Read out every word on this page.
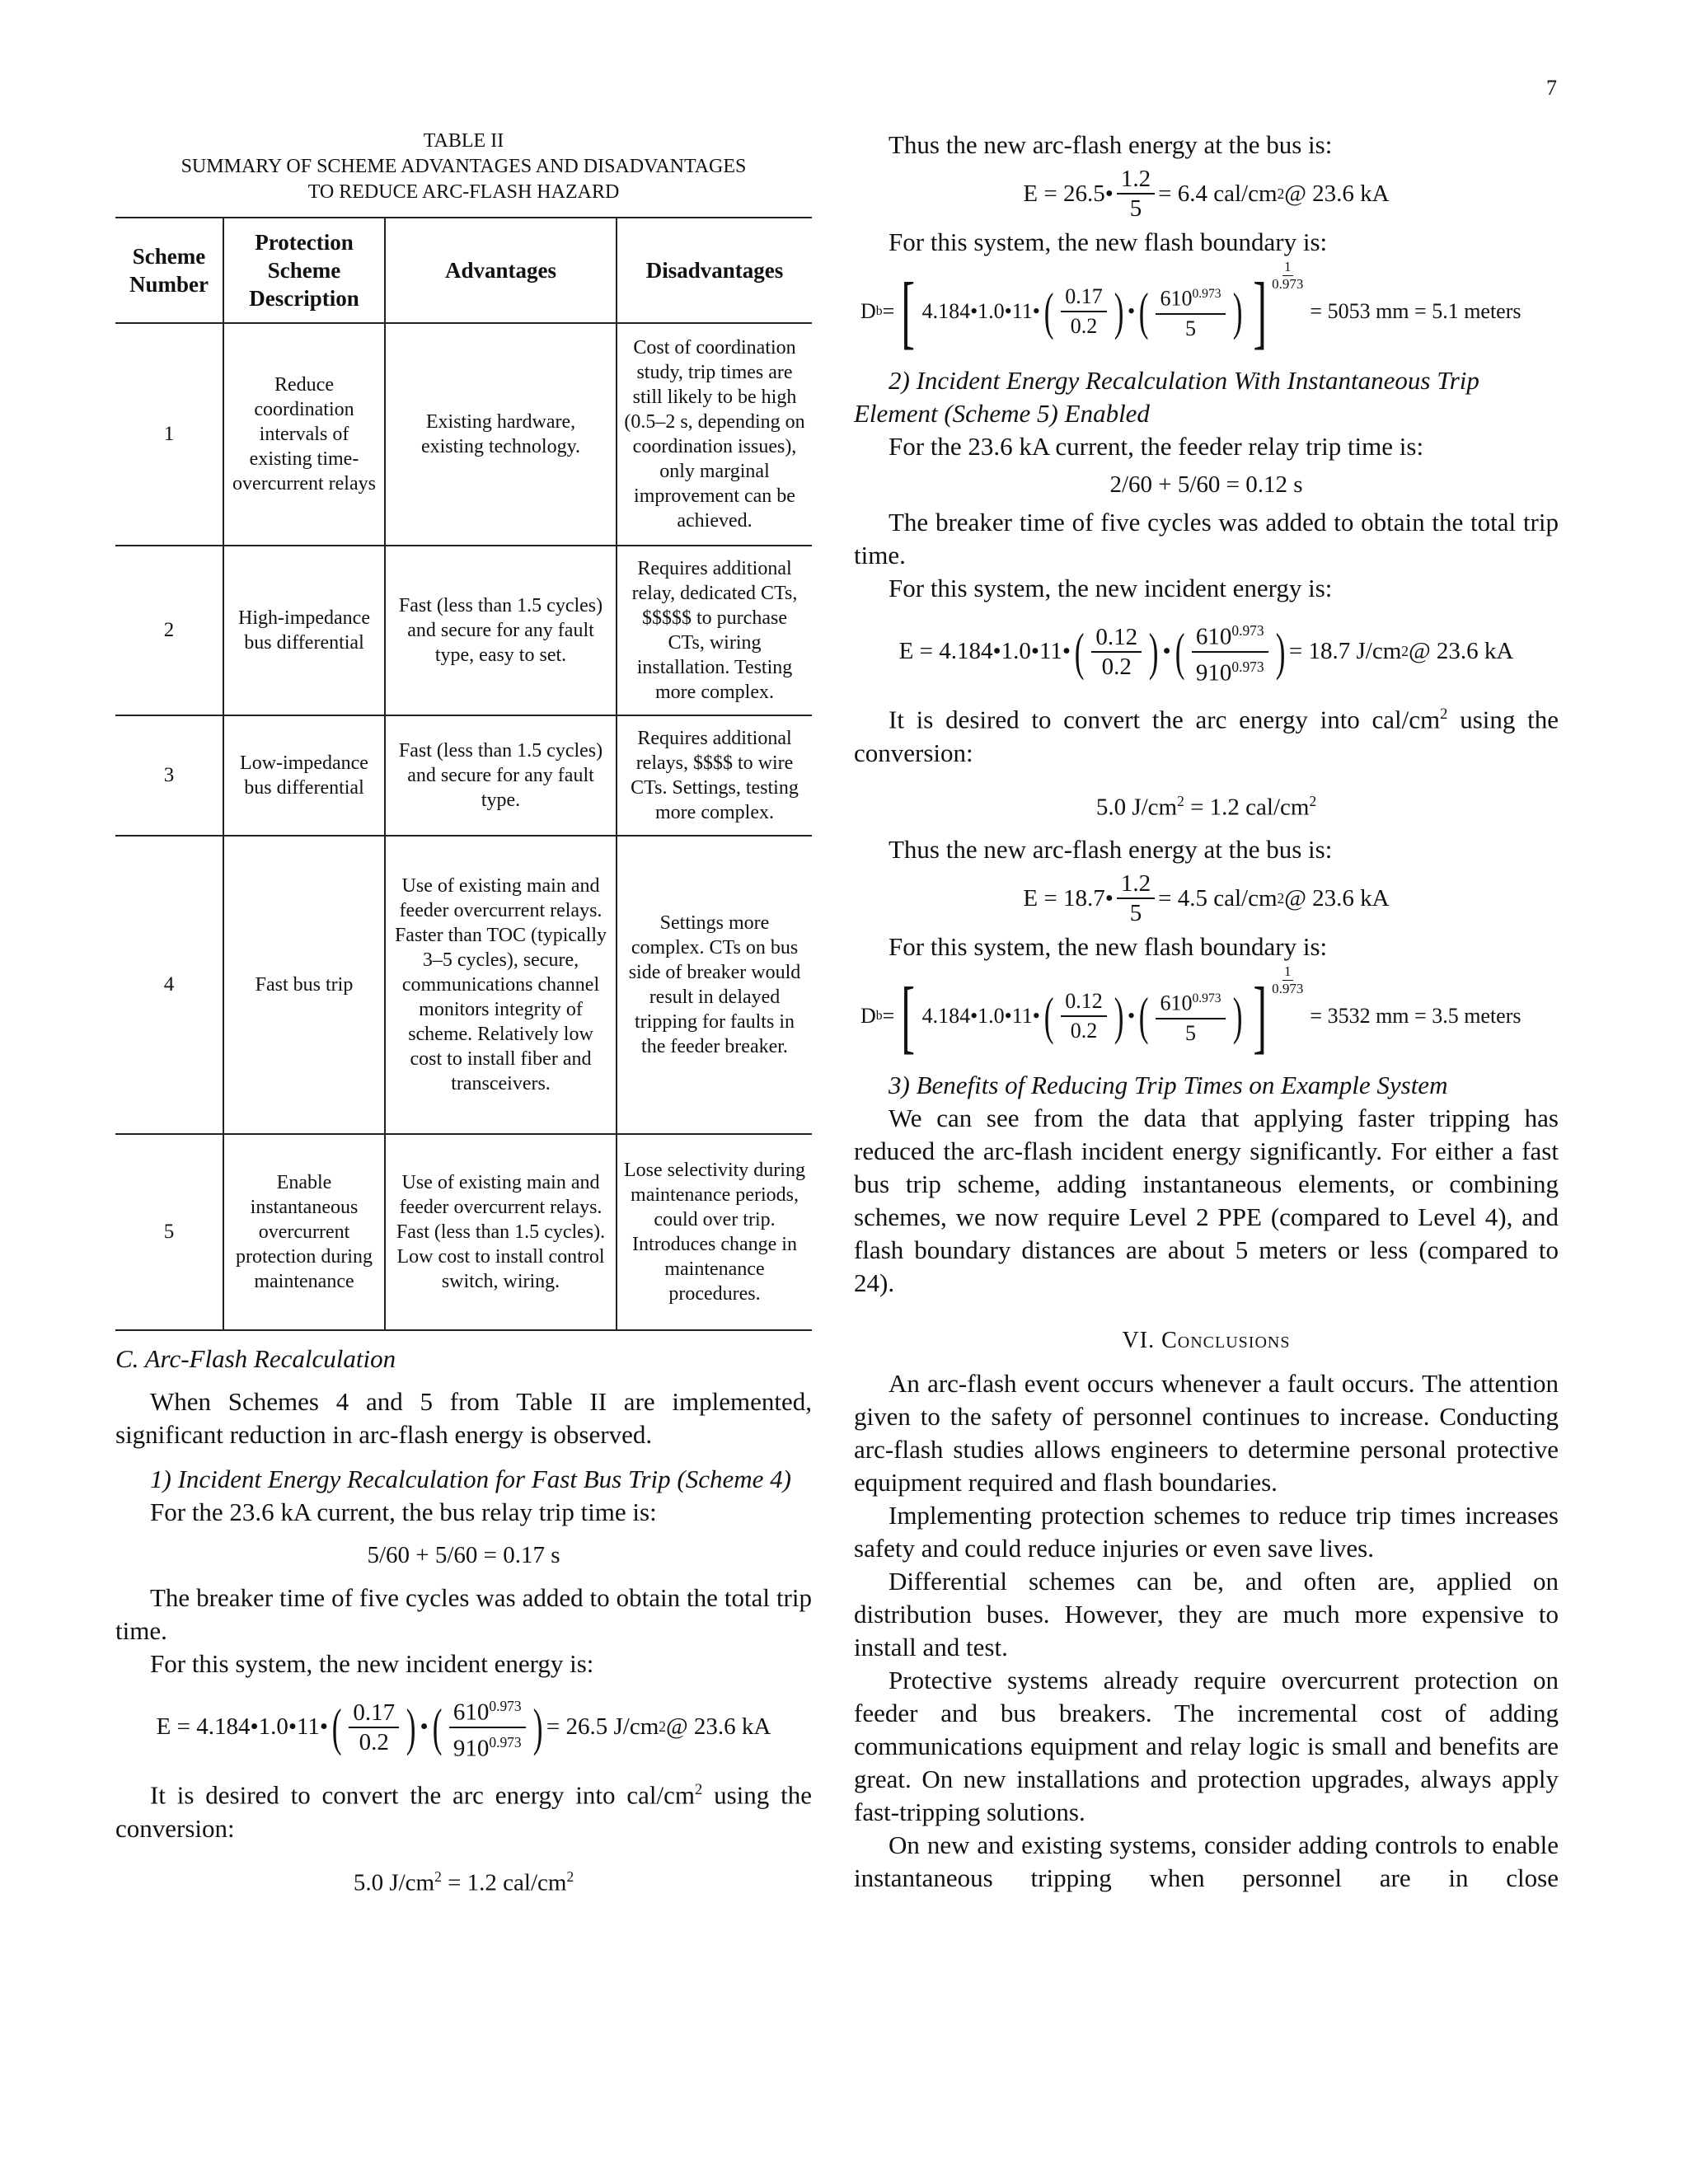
7
TABLE II
SUMMARY OF SCHEME ADVANTAGES AND DISADVANTAGES
TO REDUCE ARC-FLASH HAZARD
Scheme Number	Protection Scheme Description	Advantages	Disadvantages
1	Reduce coordination intervals of existing time-overcurrent relays	Existing hardware, existing technology.	Cost of coordination study, trip times are still likely to be high (0.5–2 s, depending on coordination issues), only marginal improvement can be achieved.
2	High-impedance bus differential	Fast (less than 1.5 cycles) and secure for any fault type, easy to set.	Requires additional relay, dedicated CTs, $$$$$ to purchase CTs, wiring installation. Testing more complex.
3	Low-impedance bus differential	Fast (less than 1.5 cycles) and secure for any fault type.	Requires additional relays, $$$$ to wire CTs. Settings, testing more complex.
4	Fast bus trip	Use of existing main and feeder overcurrent relays. Faster than TOC (typically 3–5 cycles), secure, communications channel monitors integrity of scheme. Relatively low cost to install fiber and transceivers.	Settings more complex. CTs on bus side of breaker would result in delayed tripping for faults in the feeder breaker.
5	Enable instantaneous overcurrent protection during maintenance	Use of existing main and feeder overcurrent relays. Fast (less than 1.5 cycles). Low cost to install control switch, wiring.	Lose selectivity during maintenance periods, could over trip. Introduces change in maintenance procedures.
C. Arc-Flash Recalculation

When Schemes 4 and 5 from Table II are implemented, significant reduction in arc-flash energy is observed.

1) Incident Energy Recalculation for Fast Bus Trip (Scheme 4)

For the 23.6 kA current, the bus relay trip time is:

5/60 + 5/60 = 0.17 s

The breaker time of five cycles was added to obtain the total trip time.

For this system, the new incident energy is:

E = 4.184•1.0•11• ( $\frac{0.17}{0.2}$ ) • ( $\frac{610^{0.973}}{910^{0.973}}$ ) = 26.5 J/cm 2 @ 23.6 kA

It is desired to convert the arc energy into cal/$cm^2$ using the conversion:

5.0 $J/cm^2 = 1.2$ cal/$cm^2$

Thus the new arc-flash energy at the bus is:

E = 26.5• $\frac{1.2}{5} = 6.4$ cal/cm 2 @ 23.6 kA

For this system, the new flash boundary is:

D b = [ 4.184•1.0•11• ( $\frac{0.17}{0.2}$ ) • ( $\frac{610^{0.973}}{5}$ ) ] $\frac{1}{0.973}$
= 5053 mm = 5.1 meters
2) Incident Energy Recalculation With Instantaneous Trip Element (Scheme 5) Enabled

For the 23.6 kA current, the feeder relay trip time is:

2/60 + 5/60 = 0.12 s

The breaker time of five cycles was added to obtain the total trip time.

For this system, the new incident energy is:

E = 4.184•1.0•11• ( $\frac{0.12}{0.2}$ ) • ( $\frac{610^{0.973}}{910^{0.973}}$ ) = 18.7 J/cm 2 @ 23.6 kA

It is desired to convert the arc energy into cal/$cm^2$ using the conversion:

5.0 $J/cm^2 = 1.2$ cal/$cm^2$

Thus the new arc-flash energy at the bus is:

E = 18.7• $\frac{1.2}{5} = 4.5$ cal/cm 2 @ 23.6 kA

For this system, the new flash boundary is:

D b = [ 4.184•1.0•11• ( $\frac{0.12}{0.2}$ ) • ( $\frac{610^{0.973}}{5}$ ) ] $\frac{1}{0.973}$
= 3532 mm = 3.5 meters
3) Benefits of Reducing Trip Times on Example System

We can see from the data that applying faster tripping has reduced the arc-flash incident energy significantly. For either a fast bus trip scheme, adding instantaneous elements, or combining schemes, we now require Level 2 PPE (compared to Level 4), and flash boundary distances are about 5 meters or less (compared to 24).

VI. Conclusions

An arc-flash event occurs whenever a fault occurs. The attention given to the safety of personnel continues to increase. Conducting arc-flash studies allows engineers to determine personal protective equipment required and flash boundaries.

Implementing protection schemes to reduce trip times increases safety and could reduce injuries or even save lives.

Differential schemes can be, and often are, applied on distribution buses. However, they are much more expensive to install and test.

Protective systems already require overcurrent protection on feeder and bus breakers. The incremental cost of adding communications equipment and relay logic is small and benefits are great. On new installations and protection upgrades, always apply fast-tripping solutions.

On new and existing systems, consider adding controls to enable instantaneous tripping when personnel are in close
